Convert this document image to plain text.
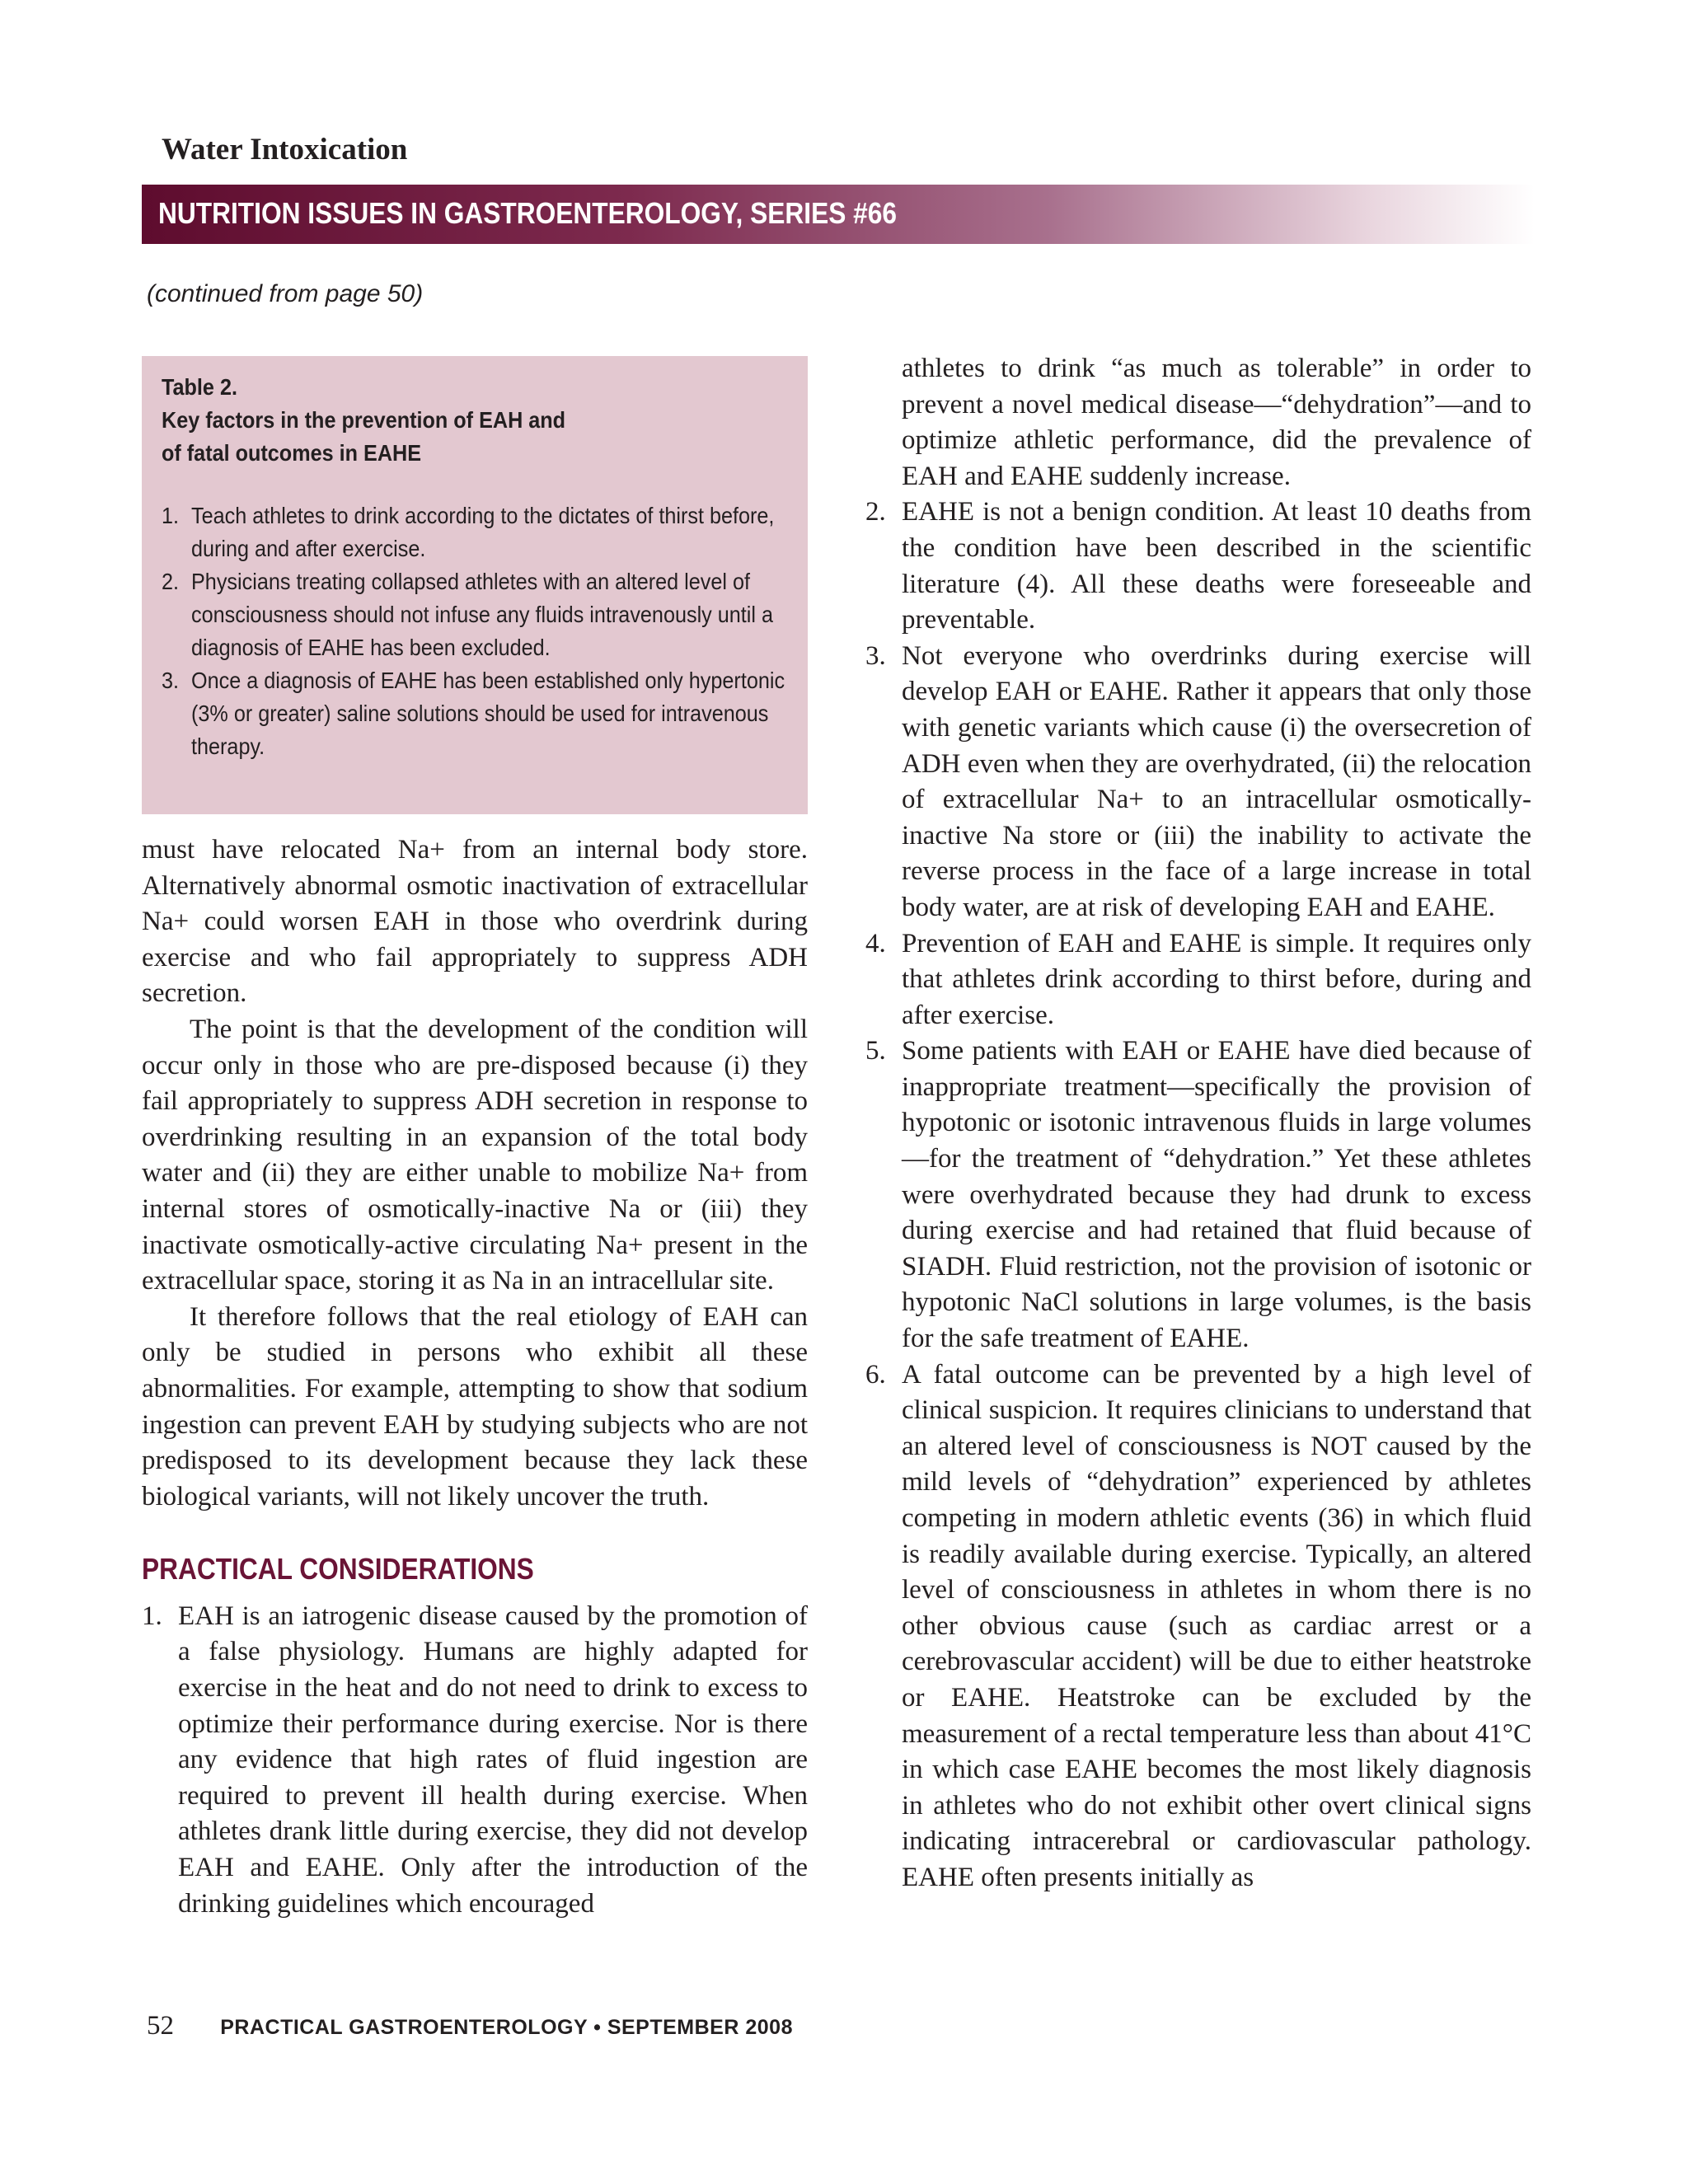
Water Intoxication
NUTRITION ISSUES IN GASTROENTEROLOGY, SERIES #66
(continued from page 50)
Table 2.
Key factors in the prevention of EAH and
of fatal outcomes in EAHE
1. Teach athletes to drink according to the dictates of thirst before, during and after exercise.
2. Physicians treating collapsed athletes with an altered level of consciousness should not infuse any fluids intravenously until a diagnosis of EAHE has been excluded.
3. Once a diagnosis of EAHE has been established only hypertonic (3% or greater) saline solutions should be used for intravenous therapy.

must have relocated Na+ from an internal body store. Alternatively abnormal osmotic inactivation of extracellular Na+ could worsen EAH in those who overdrink during exercise and who fail appropriately to suppress ADH secretion.

The point is that the development of the condition will occur only in those who are pre-disposed because (i) they fail appropriately to suppress ADH secretion in response to overdrinking resulting in an expansion of the total body water and (ii) they are either unable to mobilize Na+ from internal stores of osmotically-inactive Na or (iii) they inactivate osmotically-active circulating Na+ present in the extracellular space, storing it as Na in an intracellular site.

It therefore follows that the real etiology of EAH can only be studied in persons who exhibit all these abnormalities. For example, attempting to show that sodium ingestion can prevent EAH by studying subjects who are not predisposed to its development because they lack these biological variants, will not likely uncover the truth.

PRACTICAL CONSIDERATIONS
1. EAH is an iatrogenic disease caused by the promotion of a false physiology. Humans are highly adapted for exercise in the heat and do not need to drink to excess to optimize their performance during exercise. Nor is there any evidence that high rates of fluid ingestion are required to prevent ill health during exercise. When athletes drank little during exercise, they did not develop EAH and EAHE. Only after the introduction of the drinking guidelines which encouraged

athletes to drink “as much as tolerable” in order to prevent a novel medical disease—“dehydration”—and to optimize athletic performance, did the prevalence of EAH and EAHE suddenly increase.

2. EAHE is not a benign condition. At least 10 deaths from the condition have been described in the scientific literature (4). All these deaths were foreseeable and preventable.
3. Not everyone who overdrinks during exercise will develop EAH or EAHE. Rather it appears that only those with genetic variants which cause (i) the oversecretion of ADH even when they are overhydrated, (ii) the relocation of extracellular Na+ to an intracellular osmotically-inactive Na store or (iii) the inability to activate the reverse process in the face of a large increase in total body water, are at risk of developing EAH and EAHE.
4. Prevention of EAH and EAHE is simple. It requires only that athletes drink according to thirst before, during and after exercise.
5. Some patients with EAH or EAHE have died because of inappropriate treatment—specifically the provision of hypotonic or isotonic intravenous fluids in large volumes—for the treatment of “dehydration.” Yet these athletes were overhydrated because they had drunk to excess during exercise and had retained that fluid because of SIADH. Fluid restriction, not the provision of isotonic or hypotonic NaCl solutions in large volumes, is the basis for the safe treatment of EAHE.
6. A fatal outcome can be prevented by a high level of clinical suspicion. It requires clinicians to understand that an altered level of consciousness is NOT caused by the mild levels of “dehydration” experienced by athletes competing in modern athletic events (36) in which fluid is readily available during exercise. Typically, an altered level of consciousness in athletes in whom there is no other obvious cause (such as cardiac arrest or a cerebrovascular accident) will be due to either heatstroke or EAHE. Heatstroke can be excluded by the measurement of a rectal temperature less than about 41°C in which case EAHE becomes the most likely diagnosis in athletes who do not exhibit other overt clinical signs indicating intracerebral or cardiovascular pathology. EAHE often presents initially as
52 PRACTICAL GASTROENTEROLOGY • SEPTEMBER 2008
